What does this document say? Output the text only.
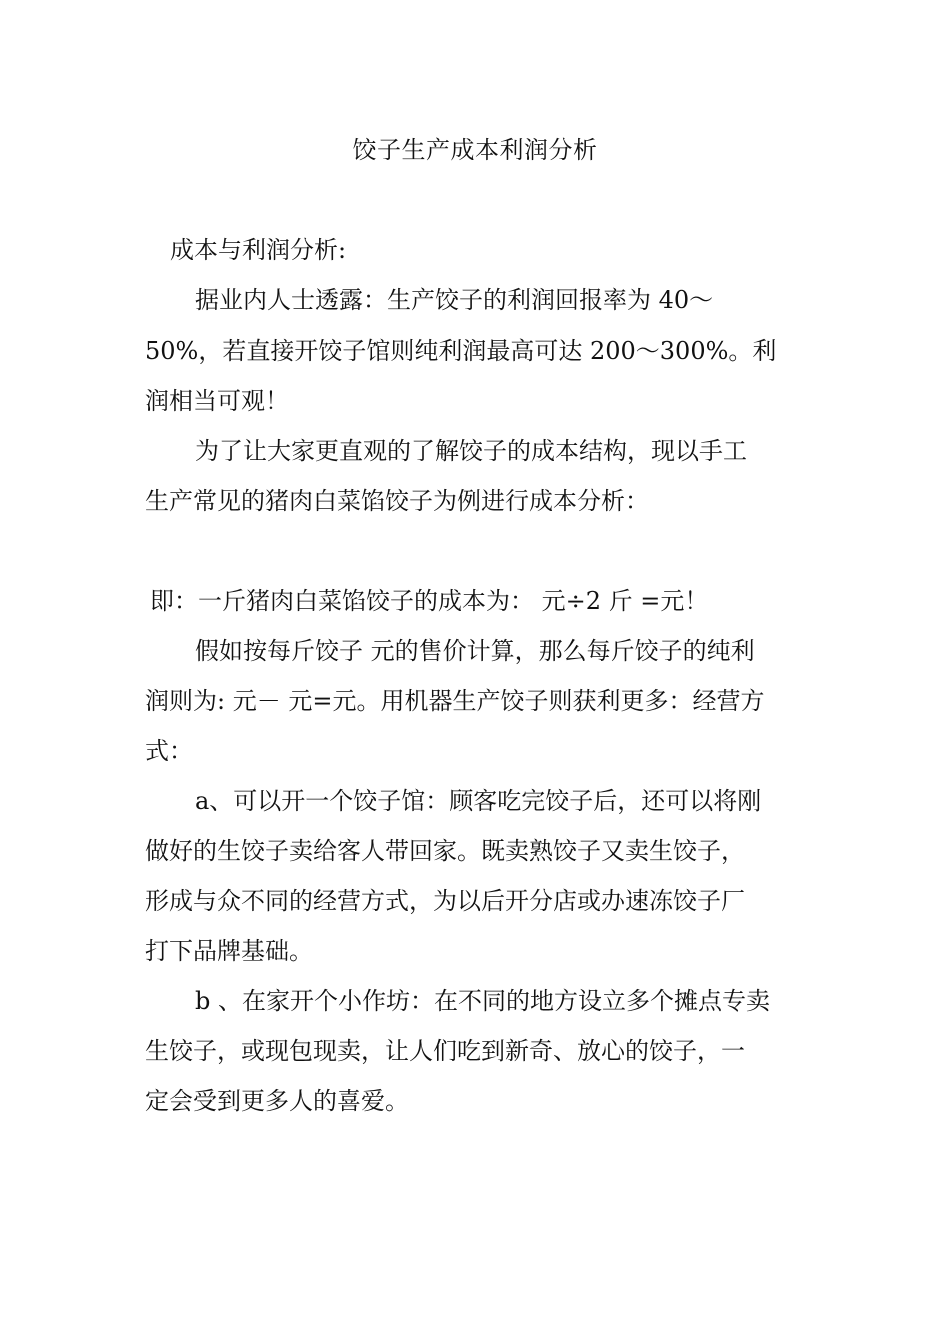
饺子生产成本利润分析
成本与利润分析:
据业内人士透露：生产饺子的利润回报率为 40～
50%，若直接开饺子馆则纯利润最高可达 200～300%。利
润相当可观！
为了让大家更直观的了解饺子的成本结构，现以手工
生产常见的猪肉白菜馅饺子为例进行成本分析：
即：一斤猪肉白菜馅饺子的成本为： 元÷2 斤 =元！
假如按每斤饺子 元的售价计算，那么每斤饺子的纯利
润则为: 元－ 元=元。用机器生产饺子则获利更多：经营方
式：
a、可以开一个饺子馆：顾客吃完饺子后，还可以将刚
做好的生饺子卖给客人带回家。既卖熟饺子又卖生饺子，
形成与众不同的经营方式，为以后开分店或办速冻饺子厂
打下品牌基础。
b 、在家开个小作坊：在不同的地方设立多个摊点专卖
生饺子，或现包现卖，让人们吃到新奇、放心的饺子，一
定会受到更多人的喜爱。
